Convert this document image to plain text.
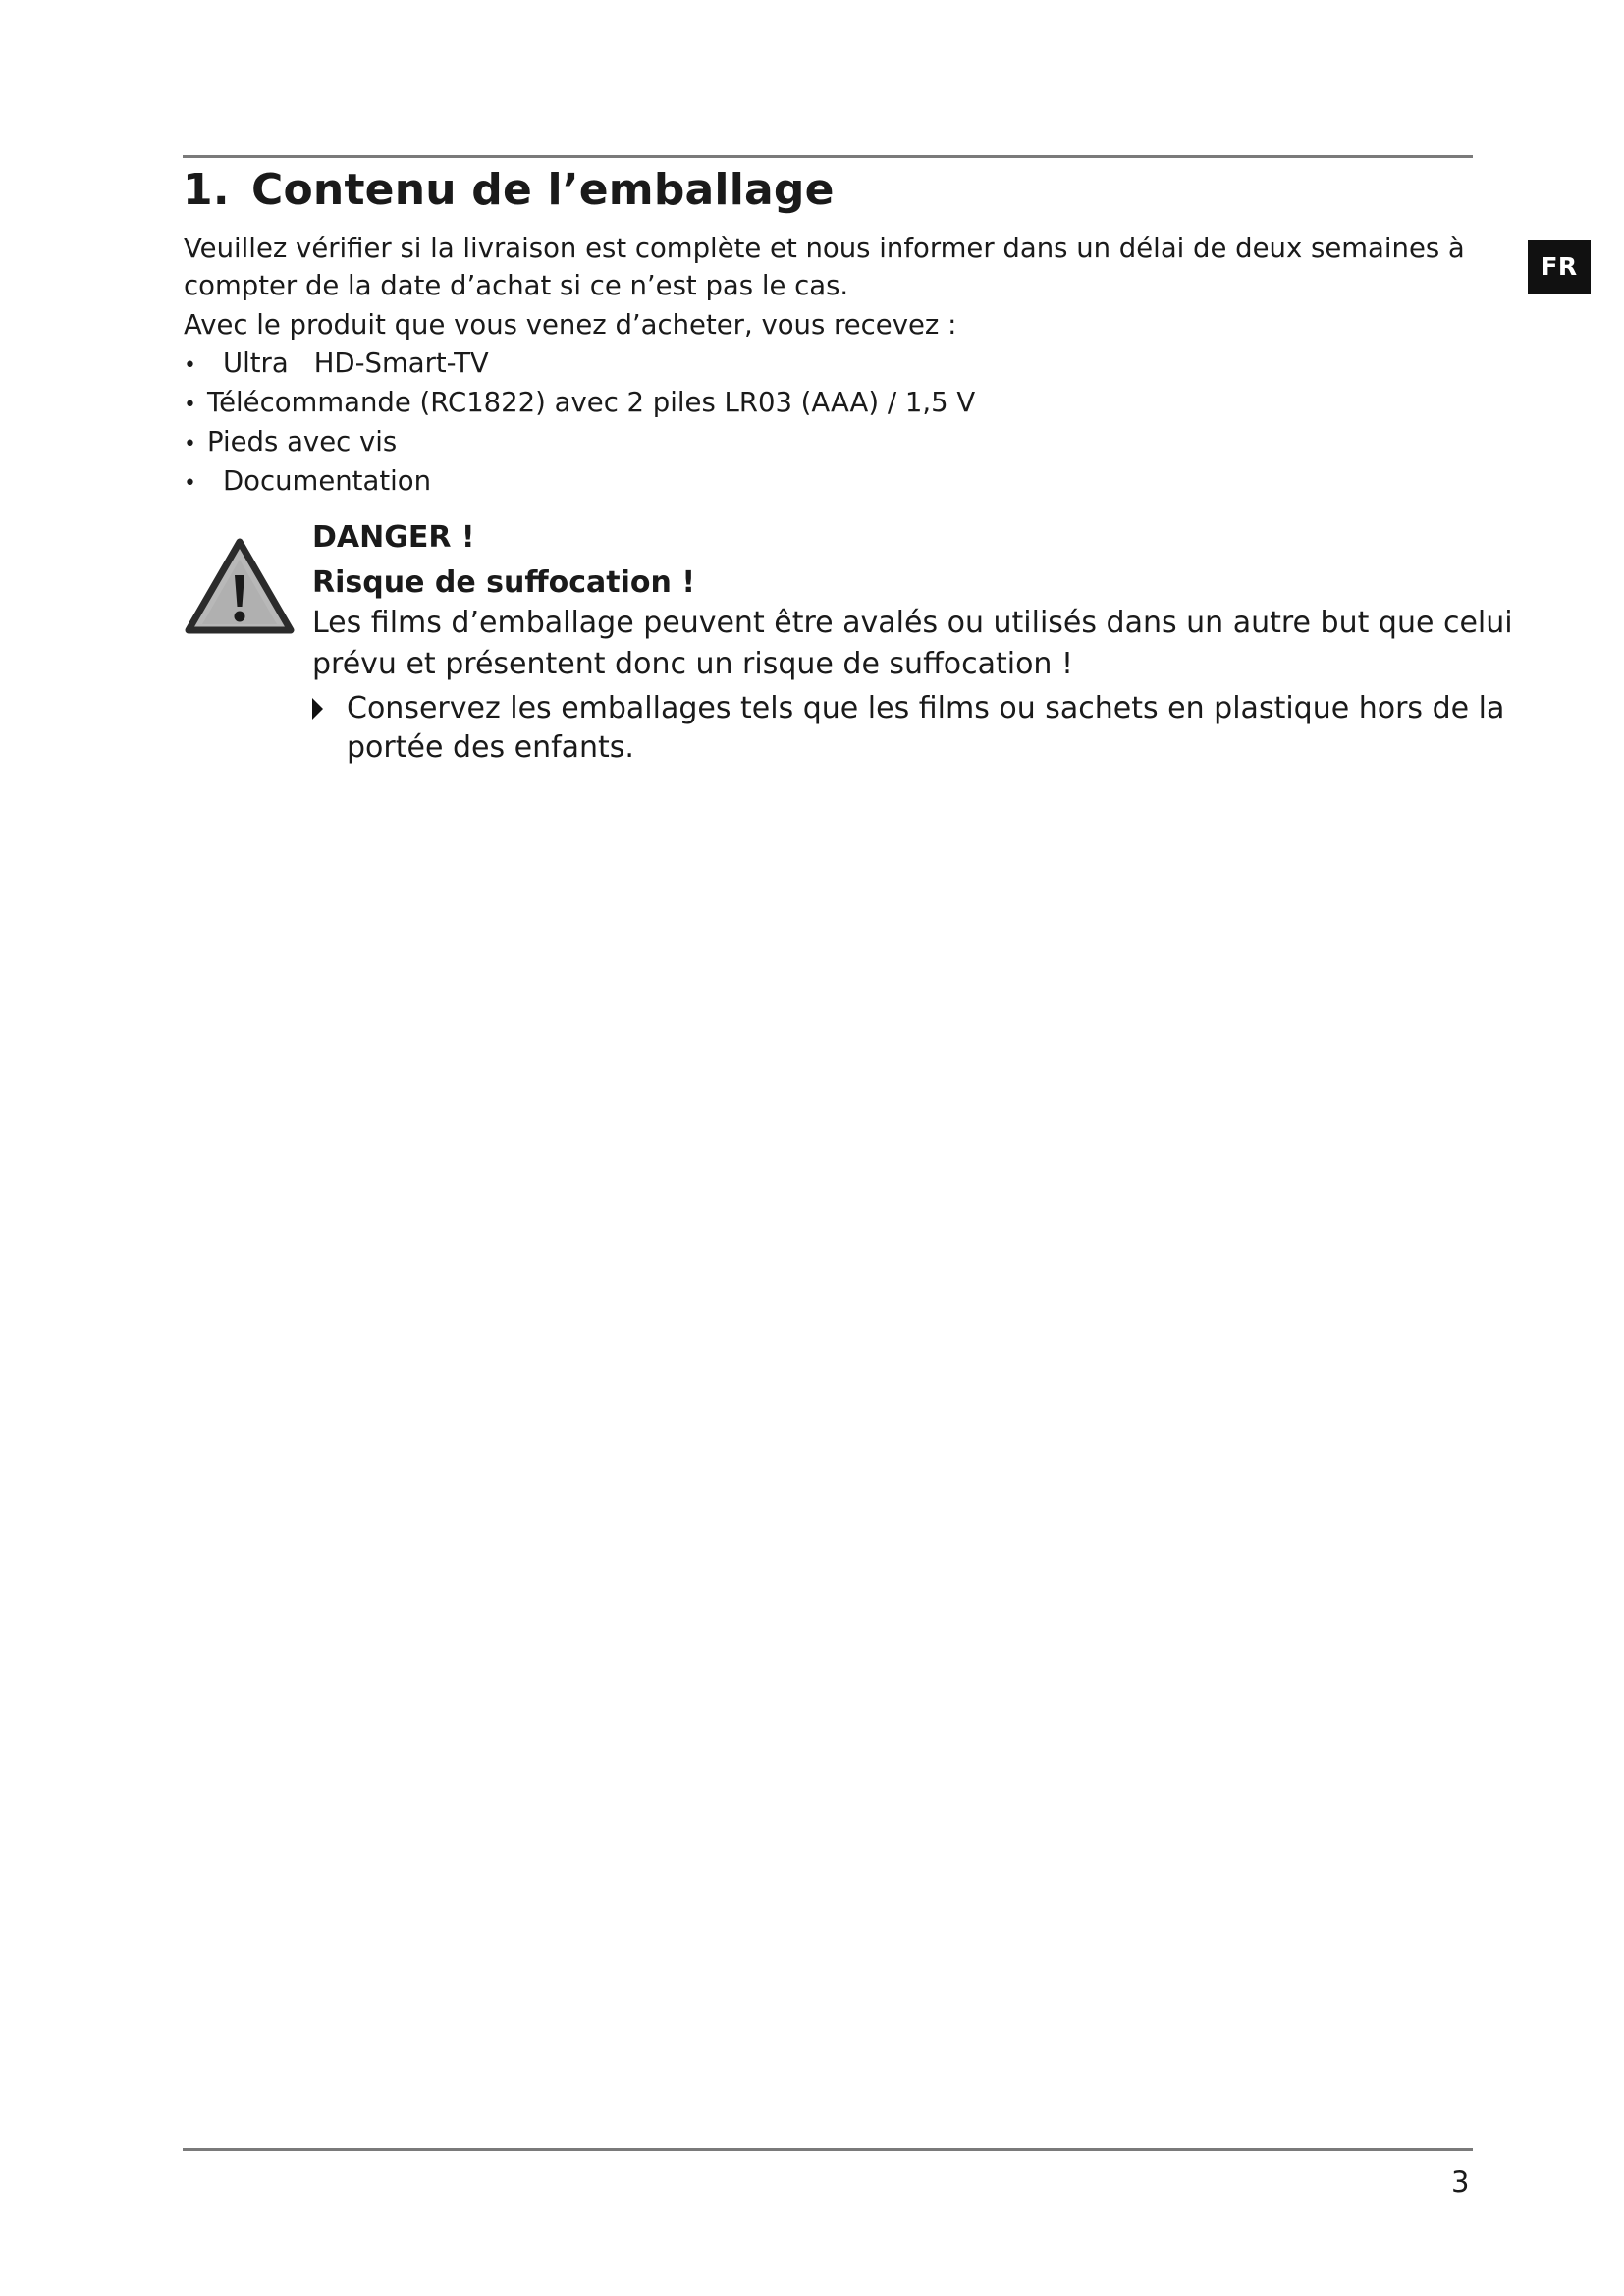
1. Contenu de l’emballage
FR
Veuillez vérifier si la livraison est complète et nous informer dans un délai de deux semaines à
compter de la date d’achat si ce n’est pas le cas.
Avec le produit que vous venez d’acheter, vous recevez :
• Ultra HD-Smart-TV
• Télécommande (RC1822) avec 2 piles LR03 (AAA) / 1,5 V
• Pieds avec vis
• Documentation
DANGER !
Risque de suffocation !
Les films d’emballage peuvent être avalés ou utilisés dans un autre but que celui
prévu et présentent donc un risque de suffocation !
Conservez les emballages tels que les films ou sachets en plastique hors de la
portée des enfants.
3
